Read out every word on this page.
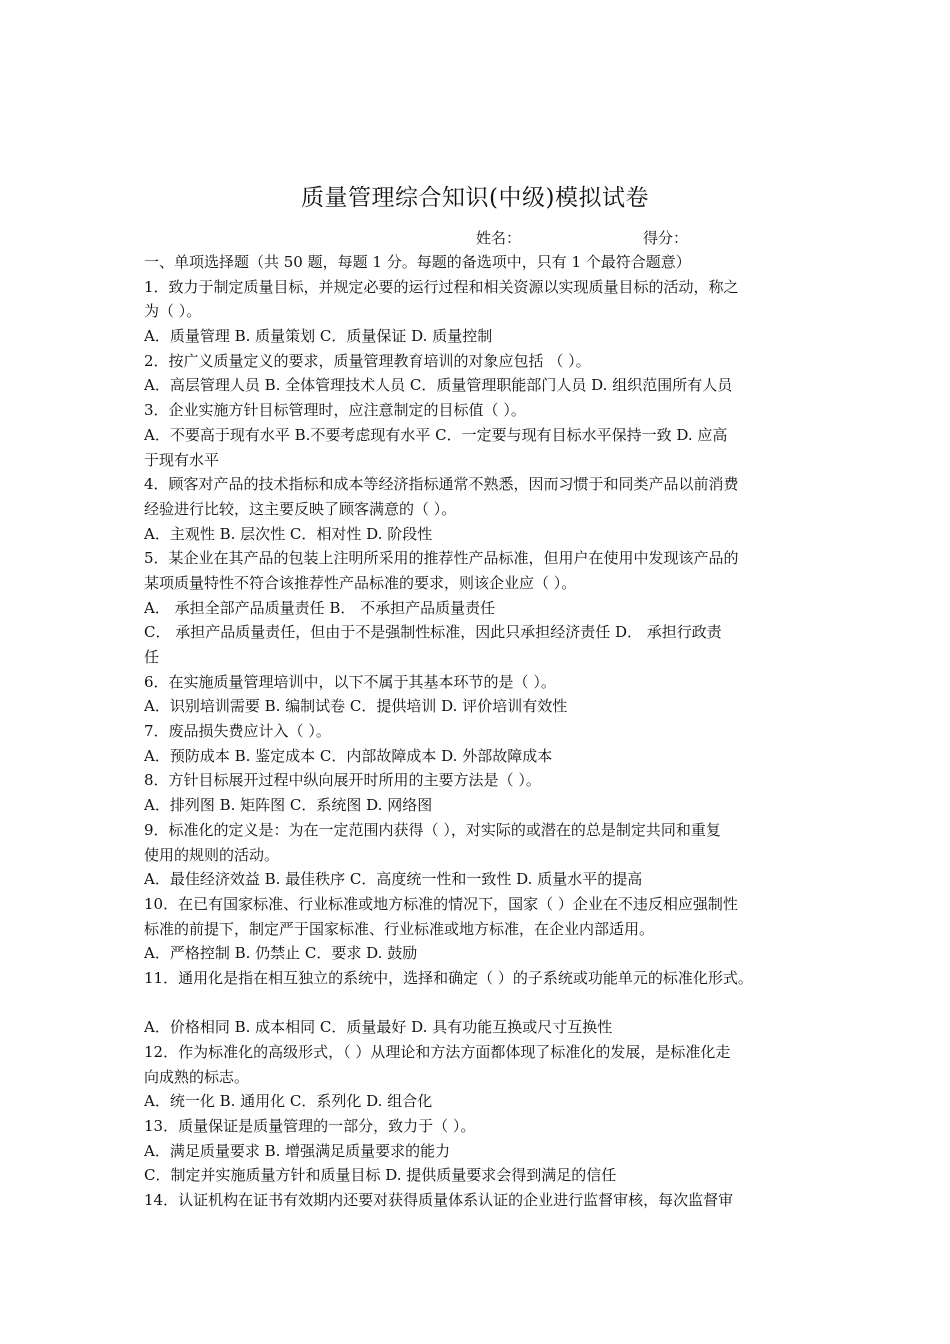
质量管理综合知识(中级)模拟试卷
姓名：	得分：
一、单项选择题（共 50 题，每题 1 分。每题的备选项中，只有 1 个最符合题意）
1．致力于制定质量目标，并规定必要的运行过程和相关资源以实现质量目标的活动，称之
为（ ）。
A．质量管理 B. 质量策划 C．质量保证 D. 质量控制
2．按广义质量定义的要求，质量管理教育培训的对象应包括 （ ）。
A．高层管理人员 B. 全体管理技术人员 C．质量管理职能部门人员 D. 组织范围所有人员
3．企业实施方针目标管理时，应注意制定的目标值（ ）。
A．不要高于现有水平 B.不要考虑现有水平 C．一定要与现有目标水平保持一致 D. 应高
于现有水平
4．顾客对产品的技术指标和成本等经济指标通常不熟悉，因而习惯于和同类产品以前消费
经验进行比较，这主要反映了顾客满意的（ ）。
A．主观性 B. 层次性 C．相对性 D. 阶段性
5．某企业在其产品的包装上注明所采用的推荐性产品标准，但用户在使用中发现该产品的
某项质量特性不符合该推荐性产品标准的要求，则该企业应（ ）。
A． 承担全部产品质量责任 B． 不承担产品质量责任
C． 承担产品质量责任，但由于不是强制性标准，因此只承担经济责任 D． 承担行政责
任
6．在实施质量管理培训中，以下不属于其基本环节的是（ ）。
A．识别培训需要 B. 编制试卷 C．提供培训 D. 评价培训有效性
7．废品损失费应计入（ ）。
A．预防成本 B. 鉴定成本 C．内部故障成本 D. 外部故障成本
8．方针目标展开过程中纵向展开时所用的主要方法是（ ）。
A．排列图 B. 矩阵图 C．系统图 D. 网络图
9．标准化的定义是：为在一定范围内获得（ ），对实际的或潜在的总是制定共同和重复
使用的规则的活动。
A．最佳经济效益 B. 最佳秩序 C．高度统一性和一致性 D. 质量水平的提高
10．在已有国家标准、行业标准或地方标准的情况下，国家（ ）企业在不违反相应强制性
标准的前提下，制定严于国家标准、行业标准或地方标准，在企业内部适用。
A．严格控制 B. 仍禁止 C．要求 D. 鼓励
11．通用化是指在相互独立的系统中，选择和确定（ ）的子系统或功能单元的标准化形式。
A．价格相同 B. 成本相同 C．质量最好 D. 具有功能互换或尺寸互换性
12．作为标准化的高级形式，（ ）从理论和方法方面都体现了标准化的发展，是标准化走
向成熟的标志。
A．统一化 B. 通用化 C．系列化 D. 组合化
13．质量保证是质量管理的一部分，致力于（ ）。
A．满足质量要求 B. 增强满足质量要求的能力
C．制定并实施质量方针和质量目标 D. 提供质量要求会得到满足的信任
14．认证机构在证书有效期内还要对获得质量体系认证的企业进行监督审核，每次监督审
